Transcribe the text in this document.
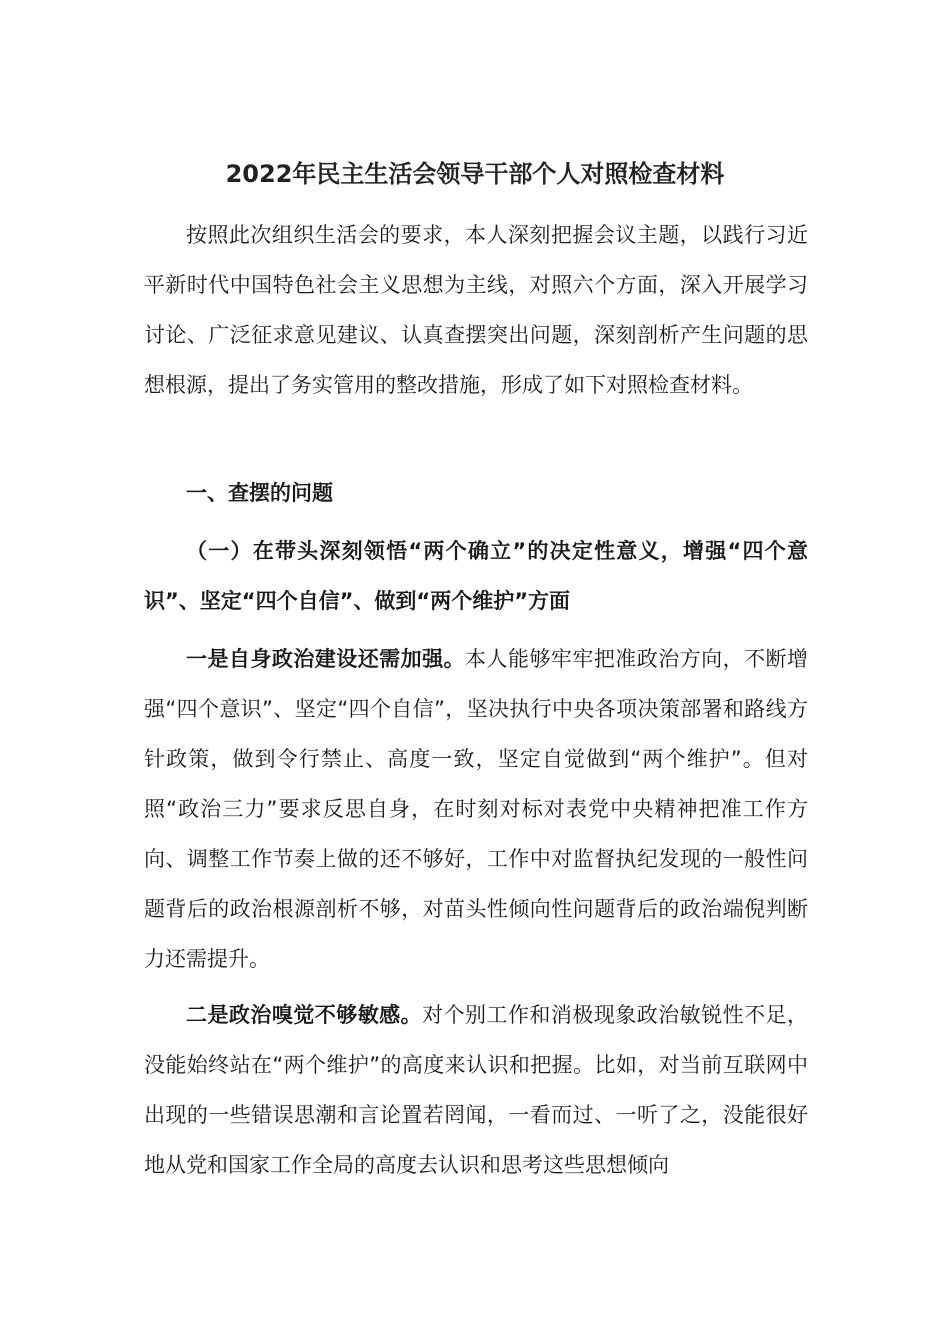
2022年民主生活会领导干部个人对照检查材料

按照此次组织生活会的要求，本人深刻把握会议主题，以践行习近平新时代中国特色社会主义思想为主线，对照六个方面，深入开展学习讨论、广泛征求意见建议、认真查摆突出问题，深刻剖析产生问题的思想根源，提出了务实管用的整改措施，形成了如下对照检查材料。

一、查摆的问题

（一）在带头深刻领悟“两个确立”的决定性意义，增强“四个意识”、坚定“四个自信”、做到“两个维护”方面

一是自身政治建设还需加强。本人能够牢牢把准政治方向，不断增强“四个意识”、坚定“四个自信”，坚决执行中央各项决策部署和路线方针政策，做到令行禁止、高度一致，坚定自觉做到“两个维护”。但对照“政治三力”要求反思自身，在时刻对标对表党中央精神把准工作方向、调整工作节奏上做的还不够好，工作中对监督执纪发现的一般性问题背后的政治根源剖析不够，对苗头性倾向性问题背后的政治端倪判断力还需提升。

二是政治嗅觉不够敏感。对个别工作和消极现象政治敏锐性不足，没能始终站在“两个维护”的高度来认识和把握。比如，对当前互联网中出现的一些错误思潮和言论置若罔闻，一看而过、一听了之，没能很好地从党和国家工作全局的高度去认识和思考这些思想倾向
